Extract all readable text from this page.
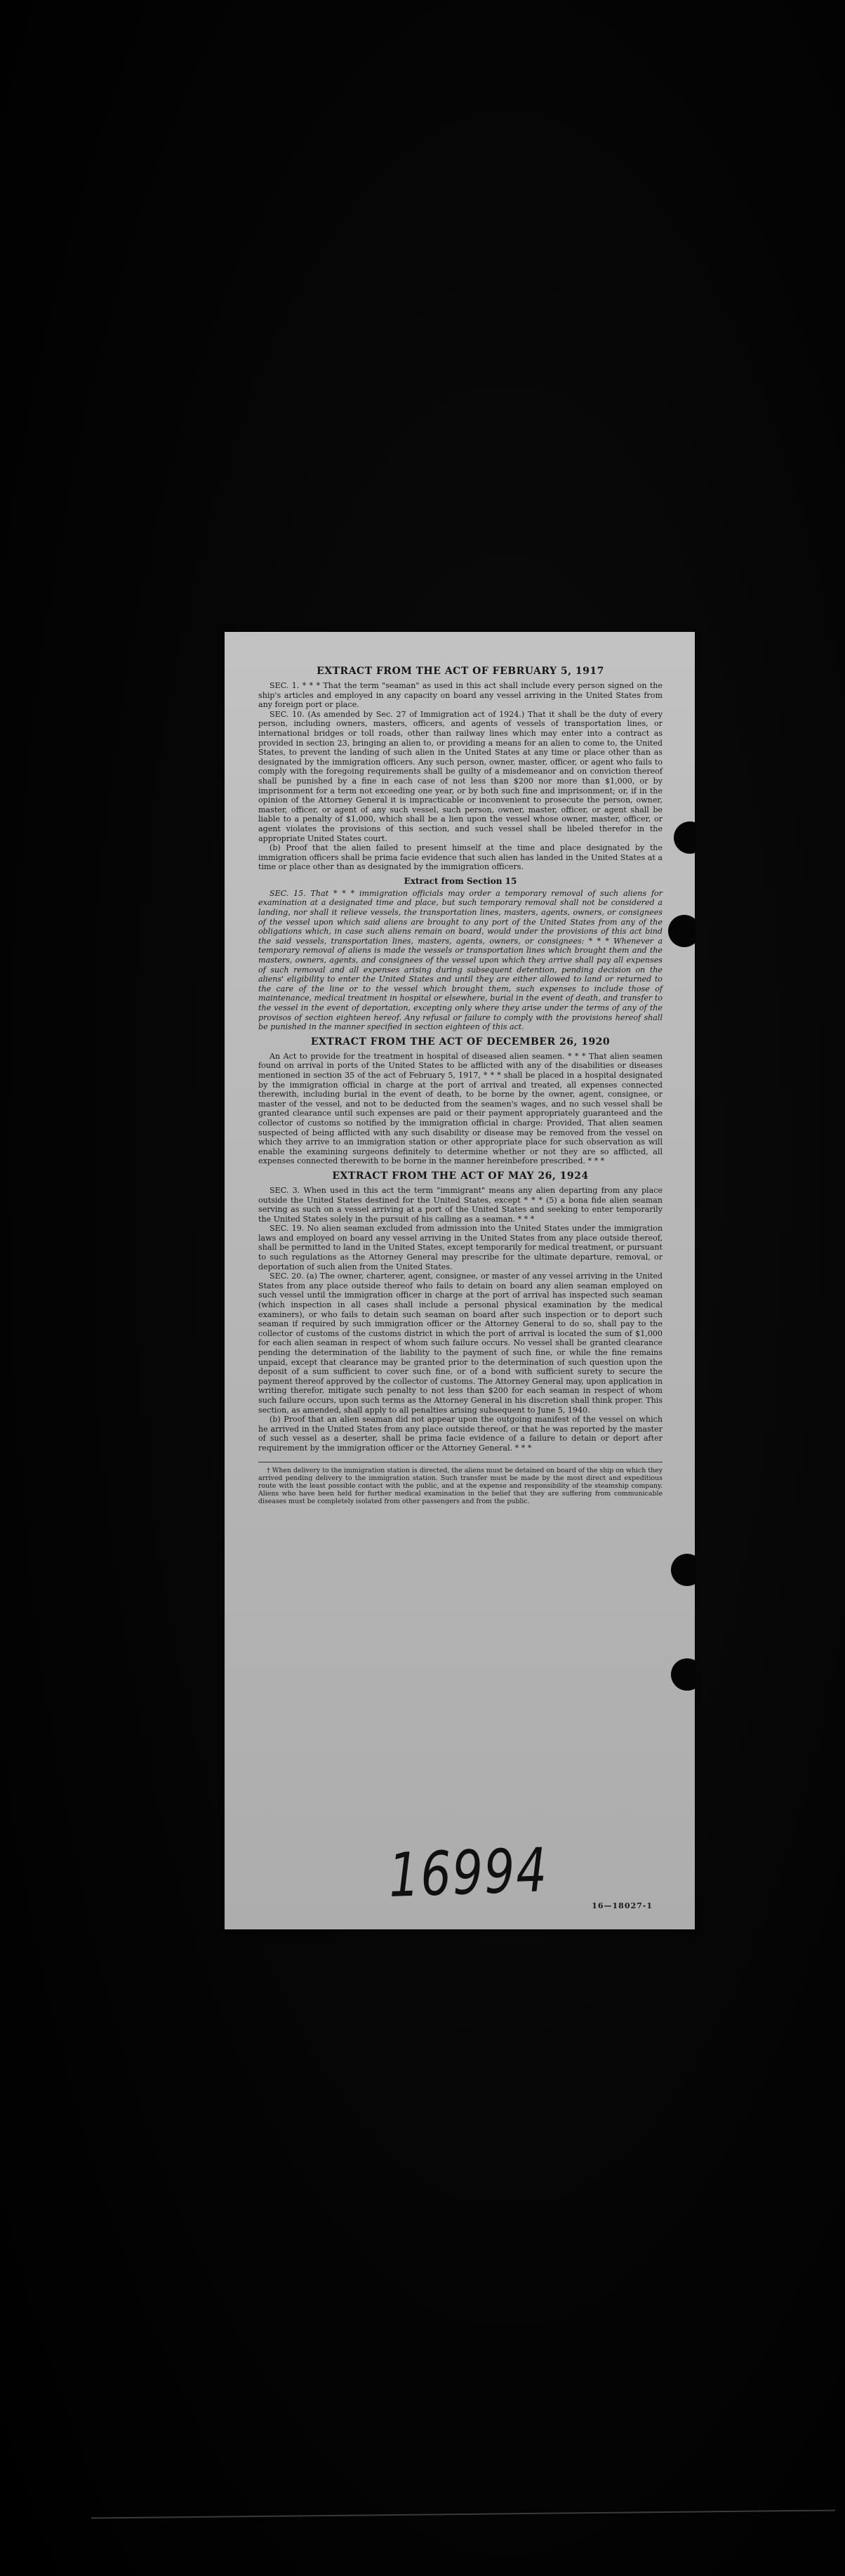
EXTRACT FROM THE ACT OF FEBRUARY 5, 1917

SEC. 1. * * * That the term "seaman" as used in this act shall include every person signed on the ship's articles and employed in any capacity on board any vessel arriving in the United States from any foreign port or place.

SEC. 10. (As amended by Sec. 27 of Immigration act of 1924.) That it shall be the duty of every person, including owners, masters, officers, and agents of vessels of transportation lines, or international bridges or toll roads, other than railway lines which may enter into a contract as provided in section 23, bringing an alien to, or providing a means for an alien to come to, the United States, to prevent the landing of such alien in the United States at any time or place other than as designated by the immigration officers. Any such person, owner, master, officer, or agent who fails to comply with the foregoing requirements shall be guilty of a misdemeanor and on conviction thereof shall be punished by a fine in each case of not less than $200 nor more than $1,000, or by imprisonment for a term not exceeding one year, or by both such fine and imprisonment; or, if in the opinion of the Attorney General it is impracticable or inconvenient to prosecute the person, owner, master, officer, or agent of any such vessel, such person, owner, master, officer, or agent shall be liable to a penalty of $1,000, which shall be a lien upon the vessel whose owner, master, officer, or agent violates the provisions of this section, and such vessel shall be libeled therefor in the appropriate United States court.

(b) Proof that the alien failed to present himself at the time and place designated by the immigration officers shall be prima facie evidence that such alien has landed in the United States at a time or place other than as designated by the immigration officers.

Extract from Section 15

SEC. 15. That * * * immigration officials may order a temporary removal of such aliens for examination at a designated time and place, but such temporary removal shall not be considered a landing, nor shall it relieve vessels, the transportation lines, masters, agents, owners, or consignees of the vessel upon which said aliens are brought to any port of the United States from any of the obligations which, in case such aliens remain on board, would under the provisions of this act bind the said vessels, transportation lines, masters, agents, owners, or consignees: * * * Whenever a temporary removal of aliens is made the vessels or transportation lines which brought them and the masters, owners, agents, and consignees of the vessel upon which they arrive shall pay all expenses of such removal and all expenses arising during subsequent detention, pending decision on the aliens' eligibility to enter the United States and until they are either allowed to land or returned to the care of the line or to the vessel which brought them, such expenses to include those of maintenance, medical treatment in hospital or elsewhere, burial in the event of death, and transfer to the vessel in the event of deportation, excepting only where they arise under the terms of any of the provisos of section eighteen hereof. Any refusal or failure to comply with the provisions hereof shall be punished in the manner specified in section eighteen of this act.

EXTRACT FROM THE ACT OF DECEMBER 26, 1920

An Act to provide for the treatment in hospital of diseased alien seamen. * * * That alien seamen found on arrival in ports of the United States to be afflicted with any of the disabilities or diseases mentioned in section 35 of the act of February 5, 1917, * * * shall be placed in a hospital designated by the immigration official in charge at the port of arrival and treated, all expenses connected therewith, including burial in the event of death, to be borne by the owner, agent, consignee, or master of the vessel, and not to be deducted from the seamen's wages, and no such vessel shall be granted clearance until such expenses are paid or their payment appropriately guaranteed and the collector of customs so notified by the immigration official in charge: Provided, That alien seamen suspected of being afflicted with any such disability or disease may be removed from the vessel on which they arrive to an immigration station or other appropriate place for such observation as will enable the examining surgeons definitely to determine whether or not they are so afflicted, all expenses connected therewith to be borne in the manner hereinbefore prescribed. * * *

EXTRACT FROM THE ACT OF MAY 26, 1924

SEC. 3. When used in this act the term "immigrant" means any alien departing from any place outside the United States destined for the United States, except * * * (5) a bona fide alien seaman serving as such on a vessel arriving at a port of the United States and seeking to enter temporarily the United States solely in the pursuit of his calling as a seaman. * * *

SEC. 19. No alien seaman excluded from admission into the United States under the immigration laws and employed on board any vessel arriving in the United States from any place outside thereof, shall be permitted to land in the United States, except temporarily for medical treatment, or pursuant to such regulations as the Attorney General may prescribe for the ultimate departure, removal, or deportation of such alien from the United States.

SEC. 20. (a) The owner, charterer, agent, consignee, or master of any vessel arriving in the United States from any place outside thereof who fails to detain on board any alien seaman employed on such vessel until the immigration officer in charge at the port of arrival has inspected such seaman (which inspection in all cases shall include a personal physical examination by the medical examiners), or who fails to detain such seaman on board after such inspection or to deport such seaman if required by such immigration officer or the Attorney General to do so, shall pay to the collector of customs of the customs district in which the port of arrival is located the sum of $1,000 for each alien seaman in respect of whom such failure occurs. No vessel shall be granted clearance pending the determination of the liability to the payment of such fine, or while the fine remains unpaid, except that clearance may be granted prior to the determination of such question upon the deposit of a sum sufficient to cover such fine, or of a bond with sufficient surety to secure the payment thereof approved by the collector of customs. The Attorney General may, upon application in writing therefor, mitigate such penalty to not less than $200 for each seaman in respect of whom such failure occurs, upon such terms as the Attorney General in his discretion shall think proper. This section, as amended, shall apply to all penalties arising subsequent to June 5, 1940.

(b) Proof that an alien seaman did not appear upon the outgoing manifest of the vessel on which he arrived in the United States from any place outside thereof, or that he was reported by the master of such vessel as a deserter, shall be prima facie evidence of a failure to detain or deport after requirement by the immigration officer or the Attorney General. * * *

† When delivery to the immigration station is directed, the aliens must be detained on board of the ship on which they arrived pending delivery to the immigration station. Such transfer must be made by the most direct and expeditious route with the least possible contact with the public, and at the expense and responsibility of the steamship company. Aliens who have been held for further medical examination in the belief that they are suffering from communicable diseases must be completely isolated from other passengers and from the public.

16994	16—18027-1
